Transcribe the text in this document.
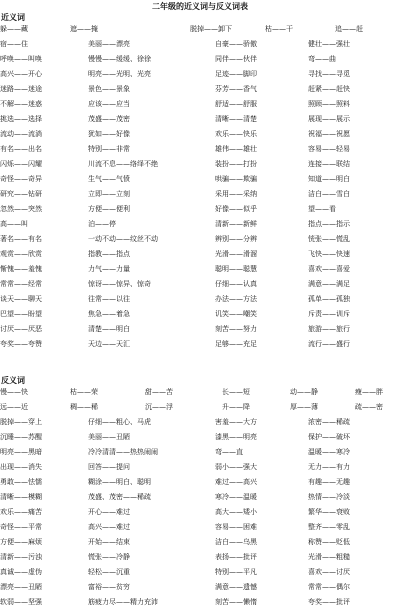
二年级的近义词与反义词表
近义词
躲——藏	遮——掩	脱掉——卸下	枯——干	追——赶
宿——住	美丽——漂亮	自豪——骄傲	健壮——强壮
呼唤——叫唤	慢慢——缓缓、徐徐	同伴——伙伴	弯——曲
高兴——开心	明亮——光明、光亮	足迹——脚印	寻找——寻觅
迷路——迷途	景色——景象	芬芳——香气	赶紧——赶快
不解——迷惑	应该——应当	舒适——舒服	照顾——照料
挑选——选择	茂盛——茂密	清晰——清楚	展现——展示
流动——流淌	犹如——好像	欢乐——快乐	祝福——祝愿
有名——出名	特别——非常	雄伟——雄壮	容易——轻易
闪烁——闪耀	川流不息——络绎不绝	装扮——打扮	连接——联结
奇怪——奇异	生气——气愤	哄骗——欺骗	知道——明白
研究——钻研	立即——立刻	采用——采纳	洁白——雪白
忽然——突然	方便——便利	好像——似乎	望——看
高——叫	泊——停	清新——新鲜	指点——指示
著名——有名	一动不动——纹丝不动	辨别——分辨	恍张——慌乱
观赏——欣赏	指教——指点	光滑——滑溜	飞快——快速
惭愧——羞愧	力气——力量	聪明——聪慧	喜欢——喜爱
常常——经常	惊讶——惊异、惊奇	仔细——认真	满意——满足
谈天——聊天	往常——以往	办法——方法	孤单——孤独
巴望——盼望	焦急——着急	讥笑——嘲笑	斥责——训斥
讨厌——厌恶	清楚——明白	刻苦——努力	旅游——旅行
夸奖——夸赞	天边——天汇	足够——充足	流行——盛行
反义词
慢——快	枯——荣	甜——苦	长——短	动——静	瘦——胖
远——近	稠——稀	沉——浮	升——降	厚——薄	疏——密
脱掉——穿上	仔细——粗心、马虎	害羞——大方	浓密——稀疏
沉睡——苏醒	美丽——丑陋	漆黑——明亮	保护——破坏
明亮——黑暗	冷冷清清——热热闹闹	弯——直	温暖——寒冷
出现——消失	回答——提问	弱小——强大	无力——有力
勇敢——怯懦	糊涂——明白、聪明	难过——高兴	有趣——无趣
清晰——模糊	茂盛、茂密——稀疏	寒冷——温暖	热情——冷淡
欢乐——痛苦	开心——难过	高大——矮小	繁华——衰败
奇怪——平常	高兴——难过	容易——困难	整齐——零乱
方便——麻烦	开始——结束	洁白——乌黑	称赞——贬低
清新——污浊	慌张——冷静	表扬——批评	光滑——粗糙
真诚——虚伪	轻松——沉重	特别——平凡	喜欢——讨厌
漂亮——丑陋	富裕——贫穷	满意——遗憾	常常——偶尔
软弱——坚强	筋疲力尽——精力充沛	刻苦——懒惰	夸奖——批评
